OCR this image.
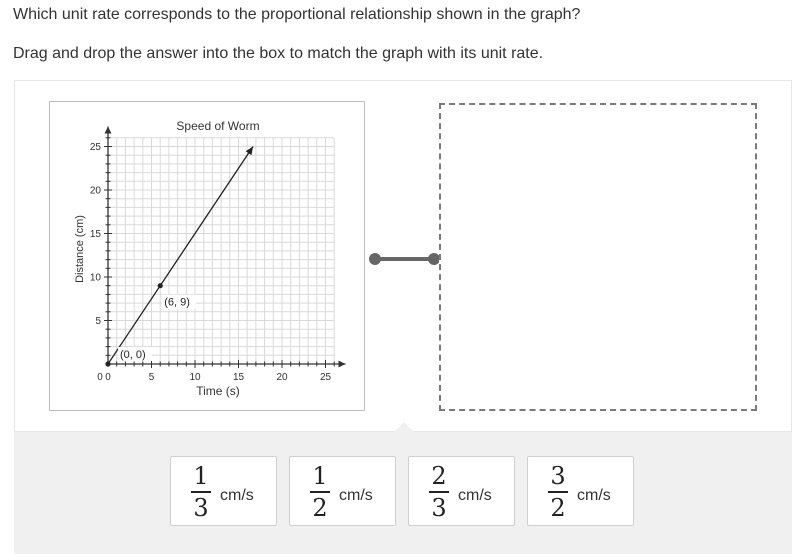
Which unit rate corresponds to the proportional relationship shown in the graph?
Drag and drop the answer into the box to match the graph with its unit rate.
0	5	10	15	20	25
5
10
15
20
25
Speed of Worm
Time (s)
Distance (cm)
(0, 0)
(6, 9)
0
1
3 cm/s
1
2 cm/s
2
3 cm/s
3
2 cm/s
